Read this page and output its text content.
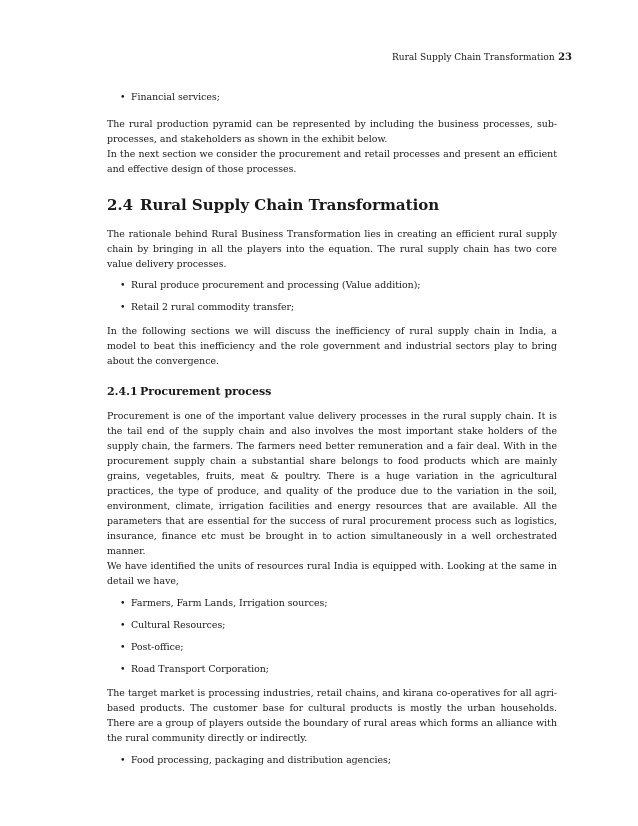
Rural Supply Chain Transformation 23
• Financial services;

The rural production pyramid can be represented by including the business processes, sub-processes, and stakeholders as shown in the exhibit below.

In the next section we consider the procurement and retail processes and present an efficient and effective design of those processes.

2.4 Rural Supply Chain Transformation

The rationale behind Rural Business Transformation lies in creating an efficient rural supply chain by bringing in all the players into the equation. The rural supply chain has two core value delivery processes.

• Rural produce procurement and processing (Value addition);
• Retail 2 rural commodity transfer;

In the following sections we will discuss the inefficiency of rural supply chain in India, a model to beat this inefficiency and the role government and industrial sectors play to bring about the convergence.

2.4.1 Procurement process

Procurement is one of the important value delivery processes in the rural supply chain. It is the tail end of the supply chain and also involves the most important stake holders of the supply chain, the farmers. The farmers need better remuneration and a fair deal. With in the procurement supply chain a substantial share belongs to food products which are mainly grains, vegetables, fruits, meat & poultry. There is a huge variation in the agricultural practices, the type of produce, and quality of the produce due to the variation in the soil, environment, climate, irrigation facilities and energy resources that are available. All the parameters that are essential for the success of rural procurement process such as logistics, insurance, finance etc must be brought in to action simultaneously in a well orchestrated manner.

We have identified the units of resources rural India is equipped with. Looking at the same in detail we have,

• Farmers, Farm Lands, Irrigation sources;
• Cultural Resources;
• Post-office;
• Road Transport Corporation;

The target market is processing industries, retail chains, and kirana co-operatives for all agri-based products. The customer base for cultural products is mostly the urban households. There are a group of players outside the boundary of rural areas which forms an alliance with the rural community directly or indirectly.

• Food processing, packaging and distribution agencies;
